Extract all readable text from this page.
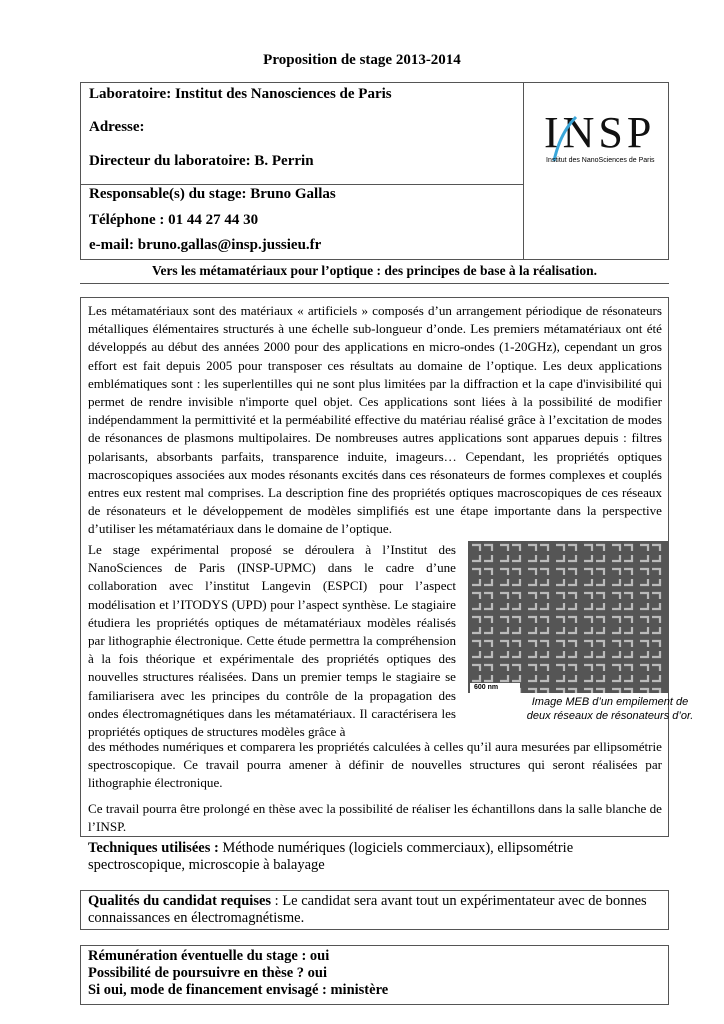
Proposition de stage 2013-2014
Laboratoire: Institut des Nanosciences de Paris
Adresse:
Directeur du laboratoire: B. Perrin
Responsable(s) du stage: Bruno Gallas
Téléphone : 01 44 27 44 30
e-mail: bruno.gallas@insp.jussieu.fr
INSP
Institut des NanoSciences de Paris
Vers les métamatériaux pour l’optique : des principes de base à la réalisation.
Les métamatériaux sont des matériaux « artificiels » composés d’un arrangement périodique de résonateurs métalliques élémentaires structurés à une échelle sub-longueur d’onde. Les premiers métamatériaux ont été développés au début des années 2000 pour des applications en micro-ondes (1-20GHz), cependant un gros effort est fait depuis 2005 pour transposer ces résultats au domaine de l’optique. Les deux applications emblématiques sont : les superlentilles qui ne sont plus limitées par la diffraction et la cape d'invisibilité qui permet de rendre invisible n'importe quel objet. Ces applications sont liées à la possibilité de modifier indépendamment la permittivité et la perméabilité effective du matériau réalisé grâce à l’excitation de modes de résonances de plasmons multipolaires. De nombreuses autres applications sont apparues depuis : filtres polarisants, absorbants parfaits, transparence induite, imageurs… Cependant, les propriétés optiques macroscopiques associées aux modes résonants excités dans ces résonateurs de formes complexes et couplés entres eux restent mal comprises. La description fine des propriétés optiques macroscopiques de ces réseaux de résonateurs et le développement de modèles simplifiés est une étape importante dans la perspective d’utiliser les métamatériaux dans le domaine de l’optique.
Le stage expérimental proposé se déroulera à l’Institut des NanoSciences de Paris (INSP-UPMC) dans le cadre d’une collaboration avec l’institut Langevin (ESPCI) pour l’aspect modélisation et l’ITODYS (UPD) pour l’aspect synthèse. Le stagiaire étudiera les propriétés optiques de métamatériaux modèles réalisés par lithographie électronique. Cette étude permettra la compréhension à la fois théorique et expérimentale des propriétés optiques des nouvelles structures réalisées. Dans un premier temps le stagiaire se familiarisera avec les principes du contrôle de la propagation des ondes électromagnétiques dans les métamatériaux. Il caractérisera les propriétés optiques de structures modèles grâce à
600 nm
Image MEB d’un empilement de deux réseaux de résonateurs d’or.
des méthodes numériques et comparera les propriétés calculées à celles qu’il aura mesurées par ellipsométrie spectroscopique. Ce travail pourra amener à définir de nouvelles structures qui seront réalisées par lithographie électronique.
Ce travail pourra être prolongé en thèse avec la possibilité de réaliser les échantillons dans la salle blanche de l’INSP.
Techniques utilisées : Méthode numériques (logiciels commerciaux), ellipsométrie spectroscopique, microscopie à balayage
Qualités du candidat requises : Le candidat sera avant tout un expérimentateur avec de bonnes connaissances en électromagnétisme.
Rémunération éventuelle du stage : oui
Possibilité de poursuivre en thèse ? oui
Si oui, mode de financement envisagé : ministère
